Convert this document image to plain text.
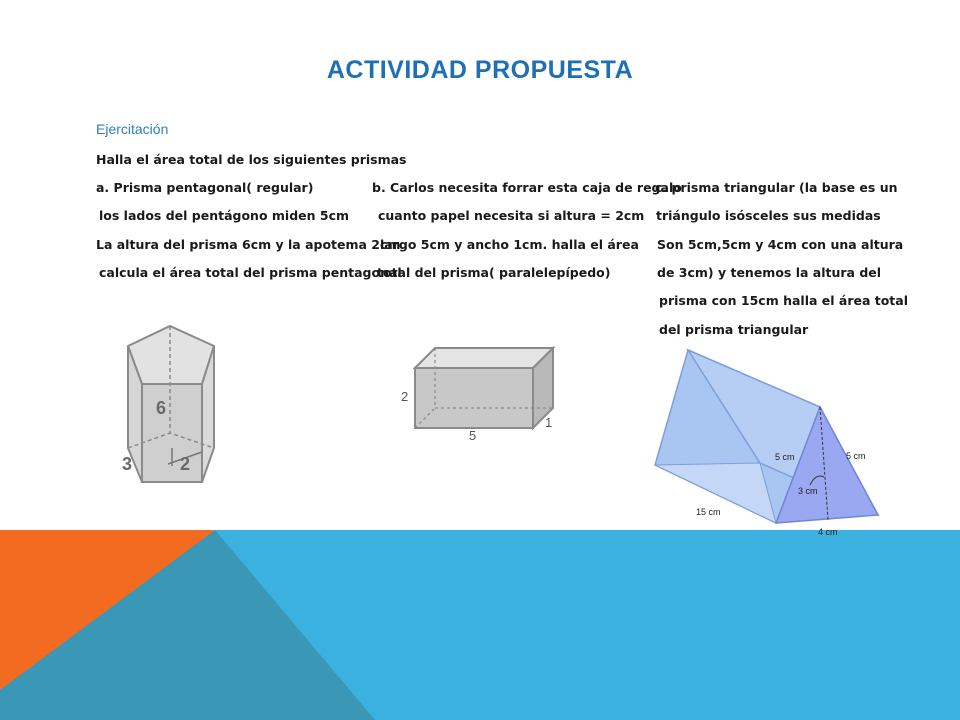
ACTIVIDAD PROPUESTA
Ejercitación
Halla el área total de los siguientes prismas
a. Prisma pentagonal( regular)
los lados del pentágono miden 5cm
La altura del prisma 6cm y la apotema 2cm
calcula el área total del prisma pentagonal
b. Carlos necesita forrar esta caja de regalo
cuanto papel necesita si altura = 2cm
largo 5cm y ancho 1cm. halla el área
total del prisma( paralelepípedo)
c. prisma triangular (la base es un
triángulo isósceles sus medidas
Son 5cm,5cm y 4cm con una altura
de 3cm) y tenemos la altura del
prisma con 15cm halla el área total
del prisma triangular
6
3	2
2
5
1
5 cm	5 cm
3 cm
15 cm
4 cm
